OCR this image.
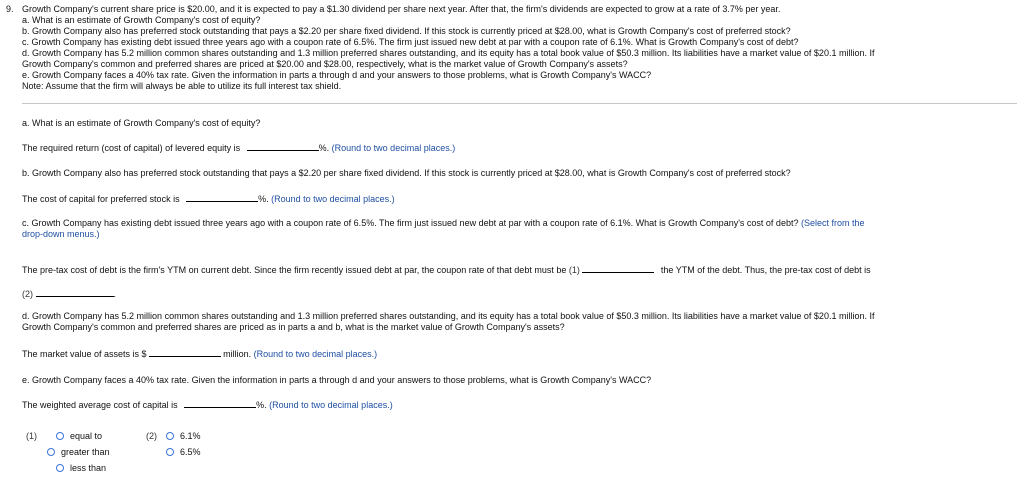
9. Growth Company's current share price is $20.00, and it is expected to pay a $1.30 dividend per share next year. After that, the firm's dividends are expected to grow at a rate of 3.7% per year.
a. What is an estimate of Growth Company's cost of equity?
b. Growth Company also has preferred stock outstanding that pays a $2.20 per share fixed dividend. If this stock is currently priced at $28.00, what is Growth Company's cost of preferred stock?
c. Growth Company has existing debt issued three years ago with a coupon rate of 6.5%. The firm just issued new debt at par with a coupon rate of 6.1%. What is Growth Company's cost of debt?
d. Growth Company has 5.2 million common shares outstanding and 1.3 million preferred shares outstanding, and its equity has a total book value of $50.3 million. Its liabilities have a market value of $20.1 million. If
Growth Company's common and preferred shares are priced at $20.00 and $28.00, respectively, what is the market value of Growth Company's assets?
e. Growth Company faces a 40% tax rate. Given the information in parts a through d and your answers to those problems, what is Growth Company's WACC?
Note: Assume that the firm will always be able to utilize its full interest tax shield.
a. What is an estimate of Growth Company's cost of equity?
The required return (cost of capital) of levered equity is	%. (Round to two decimal places.)
b. Growth Company also has preferred stock outstanding that pays a $2.20 per share fixed dividend. If this stock is currently priced at $28.00, what is Growth Company's cost of preferred stock?
The cost of capital for preferred stock is	%. (Round to two decimal places.)
c. Growth Company has existing debt issued three years ago with a coupon rate of 6.5%. The firm just issued new debt at par with a coupon rate of 6.1%. What is Growth Company's cost of debt? (Select from the
drop-down menus.)
The pre-tax cost of debt is the firm's YTM on current debt. Since the firm recently issued debt at par, the coupon rate of that debt must be (1)	the YTM of the debt. Thus, the pre-tax cost of debt is
(2)	.
d. Growth Company has 5.2 million common shares outstanding and 1.3 million preferred shares outstanding, and its equity has a total book value of $50.3 million. Its liabilities have a market value of $20.1 million. If
Growth Company's common and preferred shares are priced as in parts a and b, what is the market value of Growth Company's assets?
The market value of assets is $	million. (Round to two decimal places.)
e. Growth Company faces a 40% tax rate. Given the information in parts a through d and your answers to those problems, what is Growth Company's WACC?
The weighted average cost of capital is	%. (Round to two decimal places.)
(1)	equal to
greater than
less than
(2)	6.1%
6.5%
